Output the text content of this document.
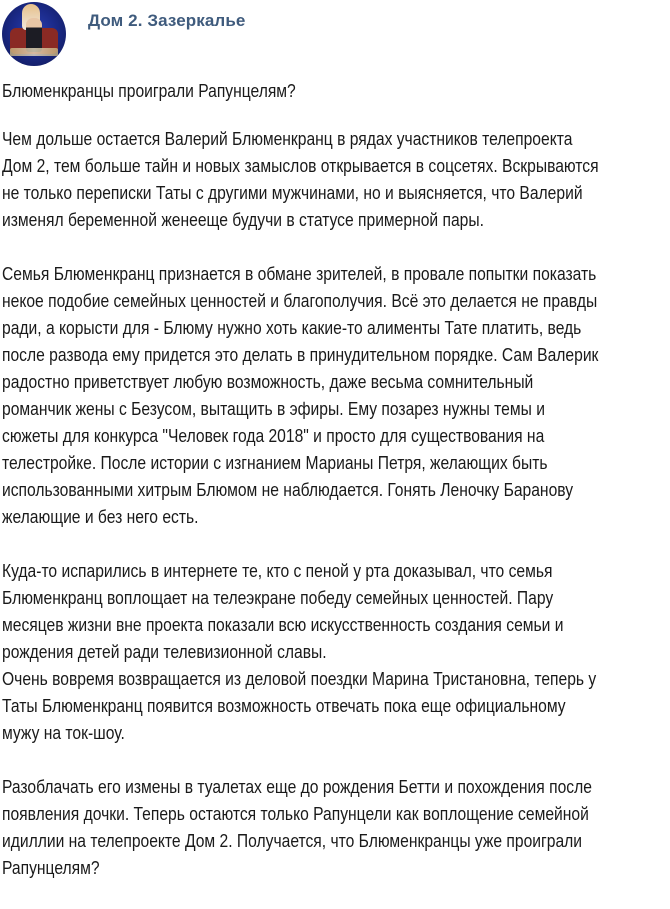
Дом 2. Зазеркалье
Блюменкранцы проиграли Рапунцелям?
Чем дольше остается Валерий Блюменкранц в рядах участников телепроекта
Дом 2, тем больше тайн и новых замыслов открывается в соцсетях. Вскрываются
не только переписки Таты с другими мужчинами, но и выясняется, что Валерий
изменял беременной женееще будучи в статусе примерной пары.
Семья Блюменкранц признается в обмане зрителей, в провале попытки показать
некое подобие семейных ценностей и благополучия. Всё это делается не правды
ради, а корысти для - Блюму нужно хоть какие-то алименты Тате платить, ведь
после развода ему придется это делать в принудительном порядке. Сам Валерик
радостно приветствует любую возможность, даже весьма сомнительный
романчик жены с Безусом, вытащить в эфиры. Ему позарез нужны темы и
сюжеты для конкурса "Человек года 2018" и просто для существования на
телестройке. После истории с изгнанием Марианы Петря, желающих быть
использованными хитрым Блюмом не наблюдается. Гонять Леночку Баранову
желающие и без него есть.
Куда-то испарились в интернете те, кто с пеной у рта доказывал, что семья
Блюменкранц воплощает на телеэкране победу семейных ценностей. Пару
месяцев жизни вне проекта показали всю искусственность создания семьи и
рождения детей ради телевизионной славы.
Очень вовремя возвращается из деловой поездки Марина Тристановна, теперь у
Таты Блюменкранц появится возможность отвечать пока еще официальному
мужу на ток-шоу.
Разоблачать его измены в туалетах еще до рождения Бетти и похождения после
появления дочки. Теперь остаются только Рапунцели как воплощение семейной
идиллии на телепроекте Дом 2. Получается, что Блюменкранцы уже проиграли
Рапунцелям?
